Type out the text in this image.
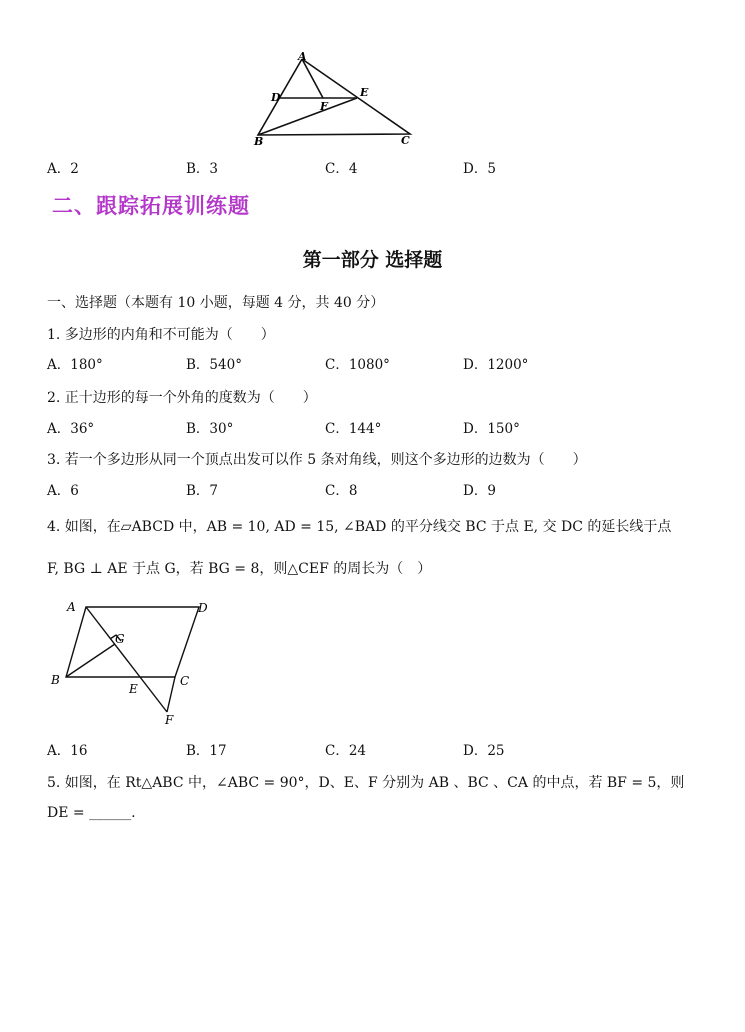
A
D	E
F
B	C
A．2	B．3	C．4	D．5
二、跟踪拓展训练题
第一部分 选择题
一、选择题（本题有 10 小题，每题 4 分，共 40 分）
1. 多边形的内角和不可能为（　　）
A．180°	B．540°	C．1080°	D．1200°
2. 正十边形的每一个外角的度数为（　　）
A．36°	B．30°	C．144°	D．150°
3. 若一个多边形从同一个顶点出发可以作 5 条对角线，则这个多边形的边数为（　　）
A．6	B．7	C．8	D．9
4. 如图，在▱ABCD 中，AB = 10, AD = 15, ∠BAD 的平分线交 BC 于点 E, 交 DC 的延长线于点
F, BG ⊥ AE 于点 G，若 BG = 8，则△CEF 的周长为（　）
A	D
G
B
E
C
F
A．16	B．17	C．24	D．25
5. 如图，在 Rt△ABC 中，∠ABC = 90°，D、E、F 分别为 AB 、BC 、CA 的中点，若 BF = 5，则
DE = ______.
